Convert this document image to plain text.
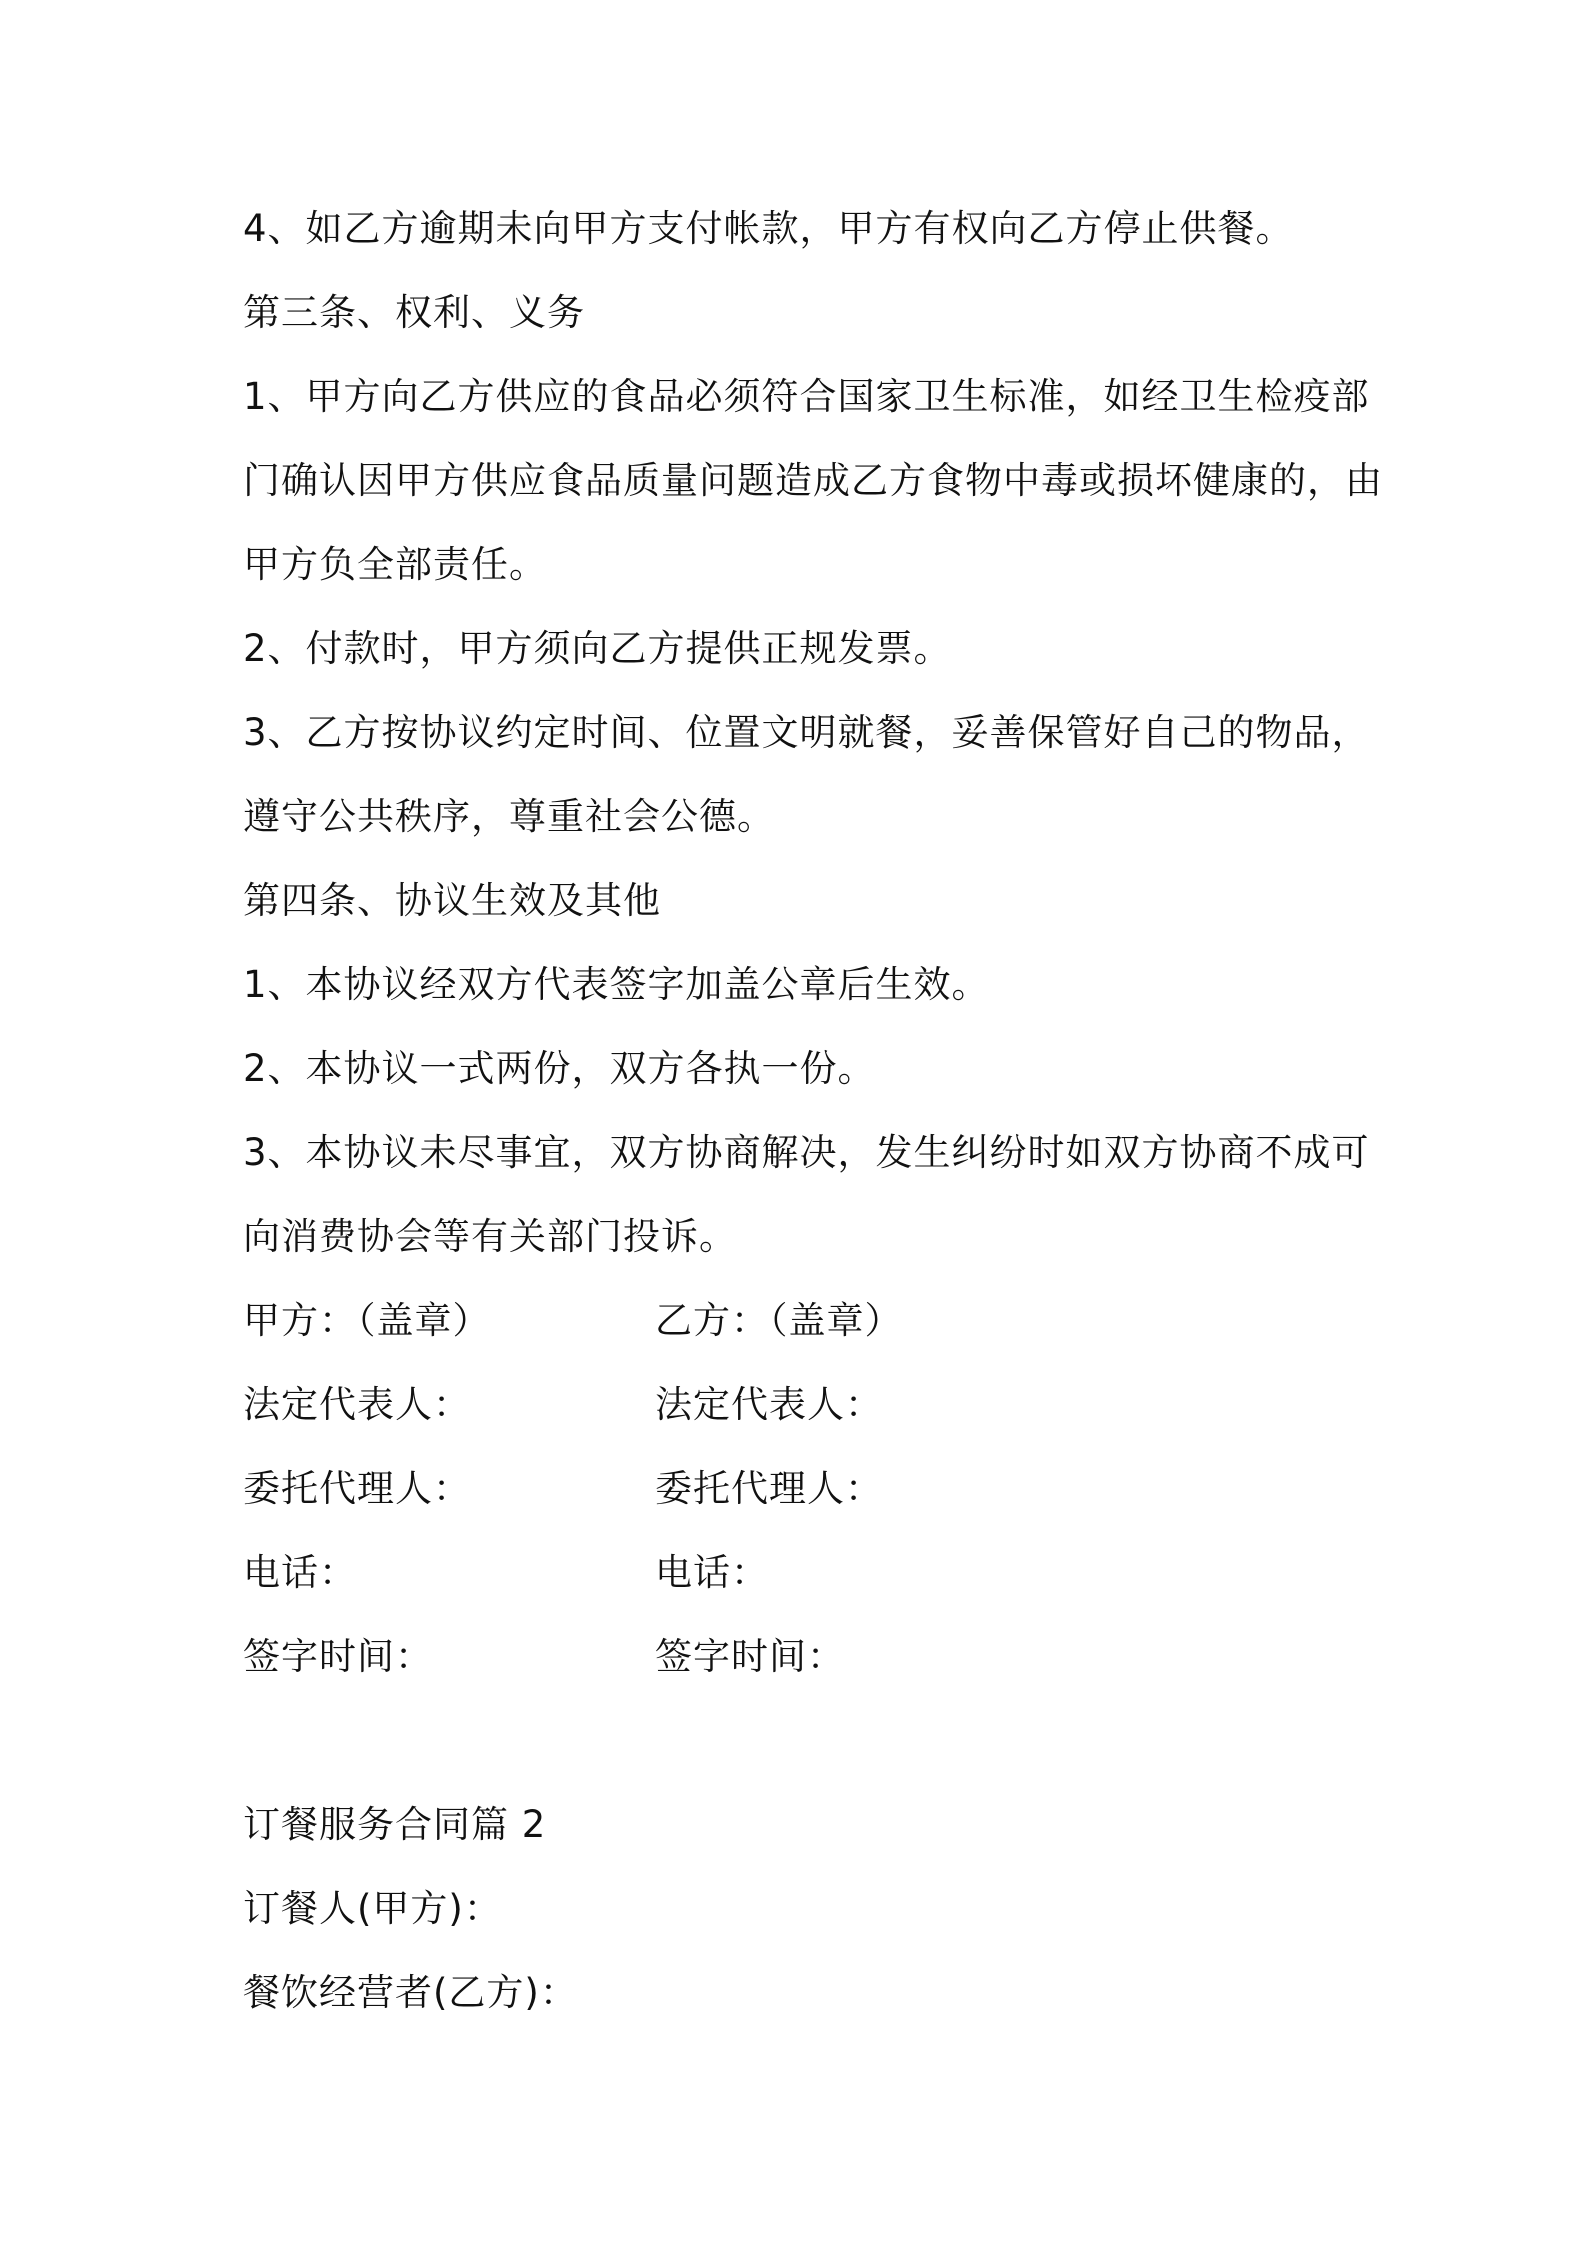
4、如乙方逾期未向甲方支付帐款，甲方有权向乙方停止供餐。
第三条、权利、义务
1、甲方向乙方供应的食品必须符合国家卫生标准，如经卫生检疫部
门确认因甲方供应食品质量问题造成乙方食物中毒或损坏健康的，由
甲方负全部责任。
2、付款时，甲方须向乙方提供正规发票。
3、乙方按协议约定时间、位置文明就餐，妥善保管好自己的物品，
遵守公共秩序，尊重社会公德。
第四条、协议生效及其他
1、本协议经双方代表签字加盖公章后生效。
2、本协议一式两份，双方各执一份。
3、本协议未尽事宜，双方协商解决，发生纠纷时如双方协商不成可
向消费协会等有关部门投诉。
甲方：（盖章）	乙方：（盖章）
法定代表人：	法定代表人：
委托代理人：	委托代理人：
电话：	电话：
签字时间：	签字时间：
订餐服务合同篇 2
订餐人(甲方)：
餐饮经营者(乙方)：
